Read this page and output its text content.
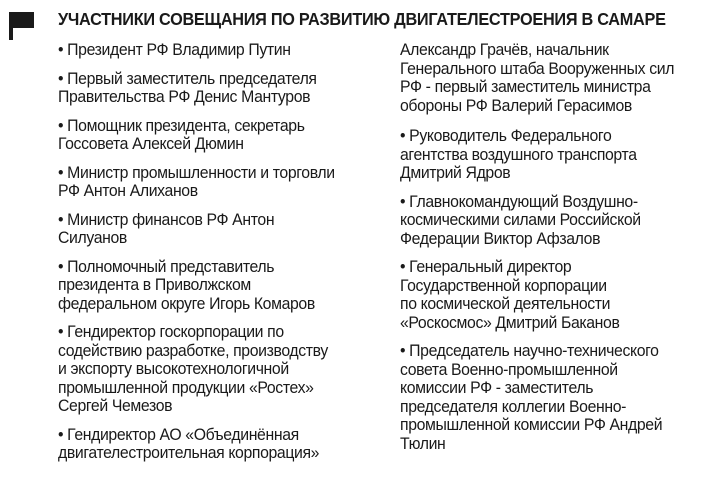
УЧАСТНИКИ СОВЕЩАНИЯ ПО РАЗВИТИЮ ДВИГАТЕЛЕСТРОЕНИЯ В САМАРЕ
• Президент РФ Владимир Путин
• Первый заместитель председателя
Правительства РФ Денис Мантуров
• Помощник президента, секретарь
Госсовета Алексей Дюмин
• Министр промышленности и торговли
РФ Антон Алиханов
• Министр финансов РФ Антон
Силуанов
• Полномочный представитель
президента в Приволжском
федеральном округе Игорь Комаров
• Гендиректор госкорпорации по
содействию разработке, производству
и экспорту высокотехнологичной
промышленной продукции «Ростех»
Сергей Чемезов
• Гендиректор АО «Объединённая
двигателестроительная корпорация»
Александр Грачёв, начальник
Генерального штаба Вооруженных сил
РФ - первый заместитель министра
обороны РФ Валерий Герасимов
• Руководитель Федерального
агентства воздушного транспорта
Дмитрий Ядров
• Главнокомандующий Воздушно-
космическими силами Российской
Федерации Виктор Афзалов
• Генеральный директор
Государственной корпорации
по космической деятельности
«Роскосмос» Дмитрий Баканов
• Председатель научно-технического
совета Военно-промышленной
комиссии РФ - заместитель
председателя коллегии Военно-
промышленной комиссии РФ Андрей
Тюлин
